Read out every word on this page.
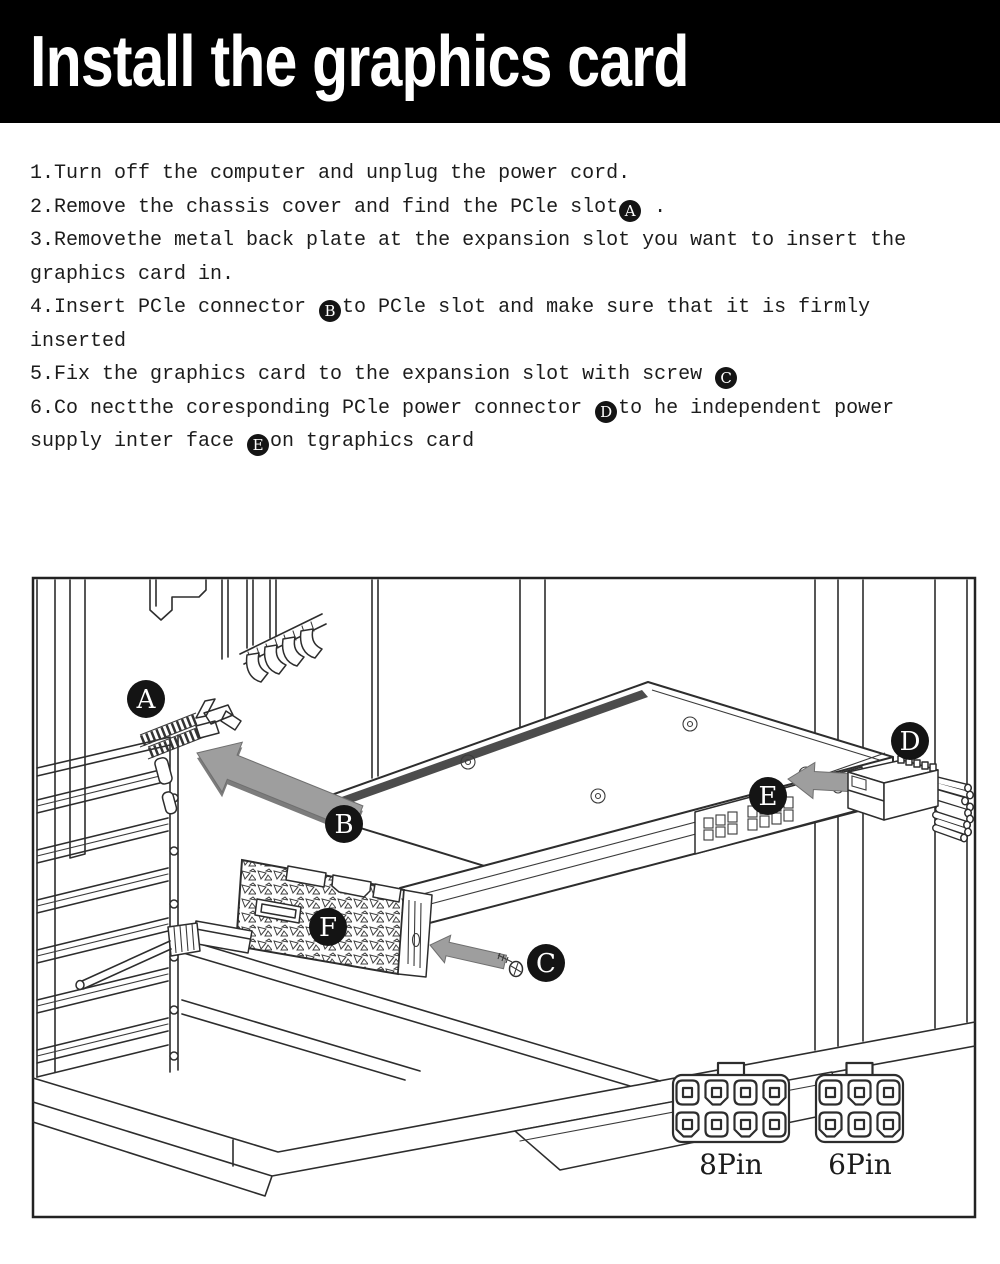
Install the graphics card
1.Turn off the computer and unplug the power cord.
2.Remove the chassis cover and find the PCle slot A .
3.Removethe metal back plate at the expansion slot you want to insert the
graphics card in.
4.Insert PCle connector B to PCle slot and make sure that it is firmly
inserted
5.Fix the graphics card to the expansion slot with screw C
6.Co nectthe coresponding PCle power connector D to he independent power
supply inter face E on tgraphics card
A
B
C
D
E
F
8Pin 6Pin
